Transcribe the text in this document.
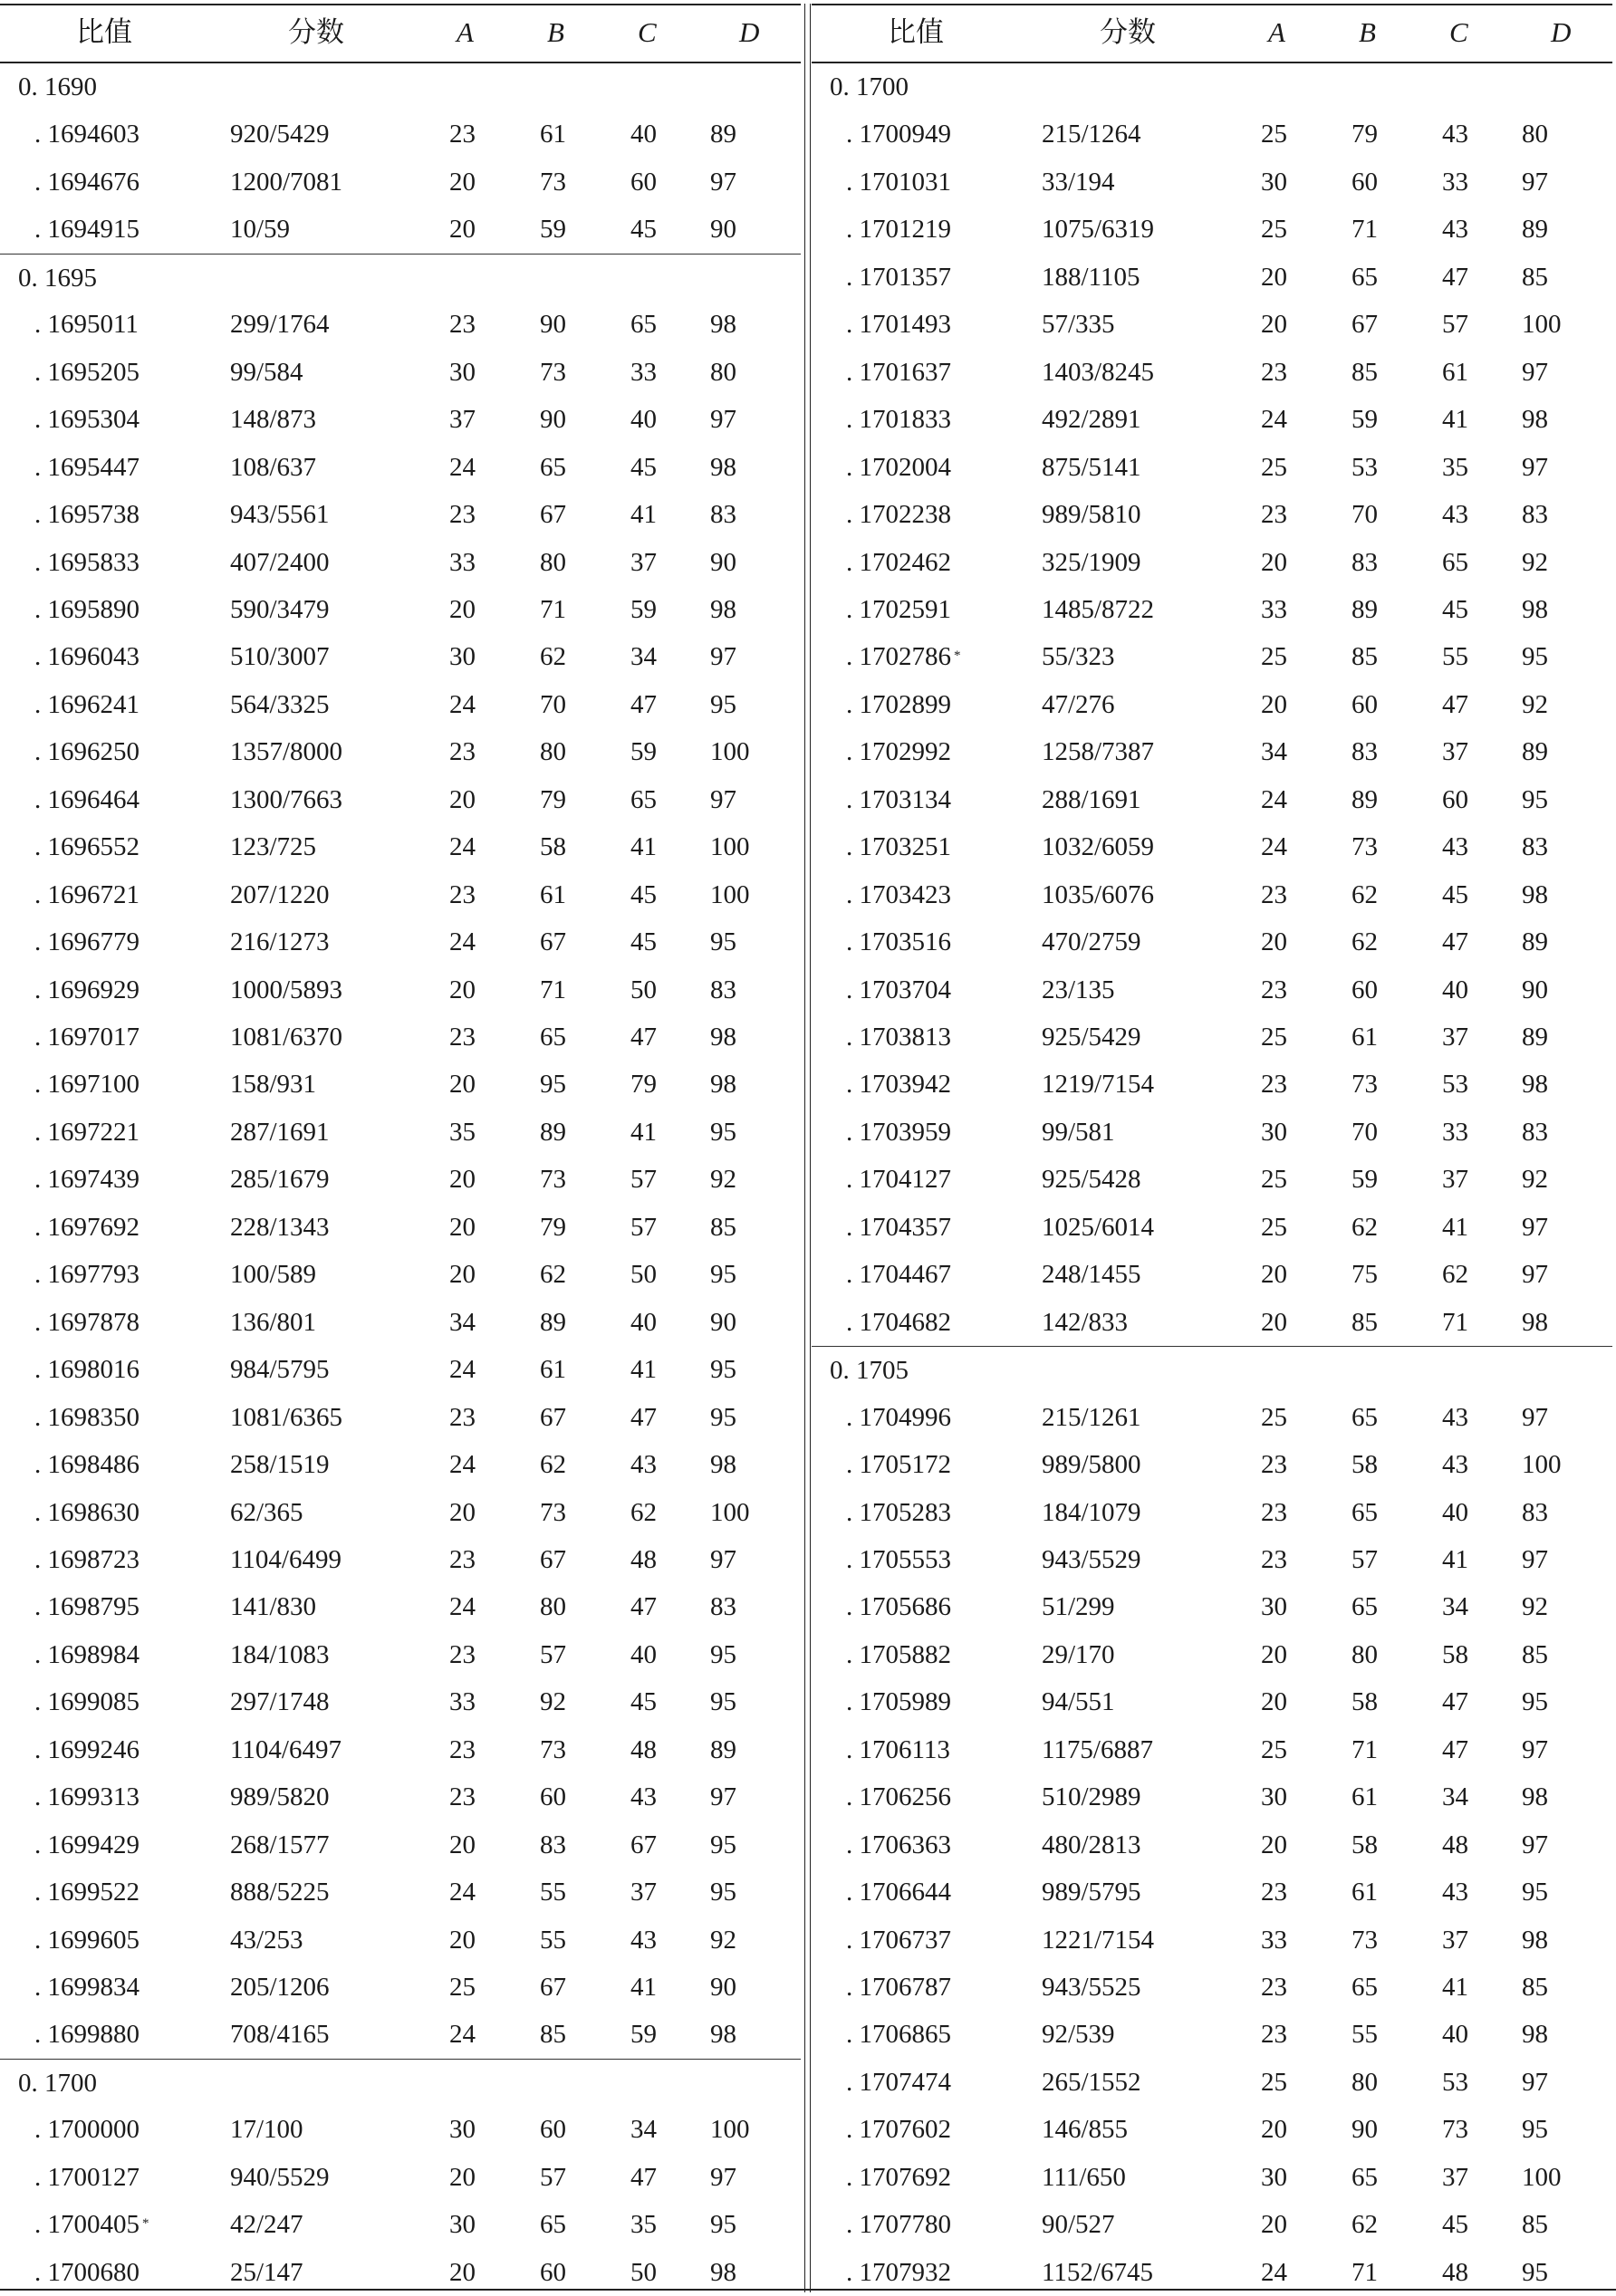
比值	分数	A	B	C	D
0. 1690
. 1694603	920/5429	23 61 40 89
. 1694676	1200/7081	20 73 60 97
. 1694915	10/59	20 59 45 90
0. 1695
. 1695011	299/1764	23 90 65 98
. 1695205	99/584	30 73 33 80
. 1695304	148/873	37 90 40 97
. 1695447	108/637	24 65 45 98
. 1695738	943/5561	23 67 41 83
. 1695833	407/2400	33 80 37 90
. 1695890	590/3479	20 71 59 98
. 1696043	510/3007	30 62 34 97
. 1696241	564/3325	24 70 47 95
. 1696250	1357/8000	23 80 59 100
. 1696464	1300/7663	20 79 65 97
. 1696552	123/725	24 58 41 100
. 1696721	207/1220	23 61 45 100
. 1696779	216/1273	24 67 45 95
. 1696929	1000/5893	20 71 50 83
. 1697017	1081/6370	23 65 47 98
. 1697100	158/931	20 95 79 98
. 1697221	287/1691	35 89 41 95
. 1697439	285/1679	20 73 57 92
. 1697692	228/1343	20 79 57 85
. 1697793	100/589	20 62 50 95
. 1697878	136/801	34 89 40 90
. 1698016	984/5795	24 61 41 95
. 1698350	1081/6365	23 67 47 95
. 1698486	258/1519	24 62 43 98
. 1698630	62/365	20 73 62 100
. 1698723	1104/6499	23 67 48 97
. 1698795	141/830	24 80 47 83
. 1698984	184/1083	23 57 40 95
. 1699085	297/1748	33 92 45 95
. 1699246	1104/6497	23 73 48 89
. 1699313	989/5820	23 60 43 97
. 1699429	268/1577	20 83 67 95
. 1699522	888/5225	24 55 37 95
. 1699605	43/253	20 55 43 92
. 1699834	205/1206	25 67 41 90
. 1699880	708/4165	24 85 59 98
0. 1700
. 1700000	17/100	30 60 34 100
. 1700127	940/5529	20 57 47 97
. 1700405 *	42/247	30 65 35 95
. 1700680	25/147	20 60 50 98
比值	分数	A	B	C	D
0. 1700
. 1700949	215/1264	25 79 43 80
. 1701031	33/194	30 60 33 97
. 1701219	1075/6319	25 71 43 89
. 1701357	188/1105	20 65 47 85
. 1701493	57/335	20 67 57 100
. 1701637	1403/8245	23 85 61 97
. 1701833	492/2891	24 59 41 98
. 1702004	875/5141	25 53 35 97
. 1702238	989/5810	23 70 43 83
. 1702462	325/1909	20 83 65 92
. 1702591	1485/8722	33 89 45 98
. 1702786 *	55/323	25 85 55 95
. 1702899	47/276	20 60 47 92
. 1702992	1258/7387	34 83 37 89
. 1703134	288/1691	24 89 60 95
. 1703251	1032/6059	24 73 43 83
. 1703423	1035/6076	23 62 45 98
. 1703516	470/2759	20 62 47 89
. 1703704	23/135	23 60 40 90
. 1703813	925/5429	25 61 37 89
. 1703942	1219/7154	23 73 53 98
. 1703959	99/581	30 70 33 83
. 1704127	925/5428	25 59 37 92
. 1704357	1025/6014	25 62 41 97
. 1704467	248/1455	20 75 62 97
. 1704682	142/833	20 85 71 98
0. 1705
. 1704996	215/1261	25 65 43 97
. 1705172	989/5800	23 58 43 100
. 1705283	184/1079	23 65 40 83
. 1705553	943/5529	23 57 41 97
. 1705686	51/299	30 65 34 92
. 1705882	29/170	20 80 58 85
. 1705989	94/551	20 58 47 95
. 1706113	1175/6887	25 71 47 97
. 1706256	510/2989	30 61 34 98
. 1706363	480/2813	20 58 48 97
. 1706644	989/5795	23 61 43 95
. 1706737	1221/7154	33 73 37 98
. 1706787	943/5525	23 65 41 85
. 1706865	92/539	23 55 40 98
. 1707474	265/1552	25 80 53 97
. 1707602	146/855	20 90 73 95
. 1707692	111/650	30 65 37 100
. 1707780	90/527	20 62 45 85
. 1707932	1152/6745	24 71 48 95
